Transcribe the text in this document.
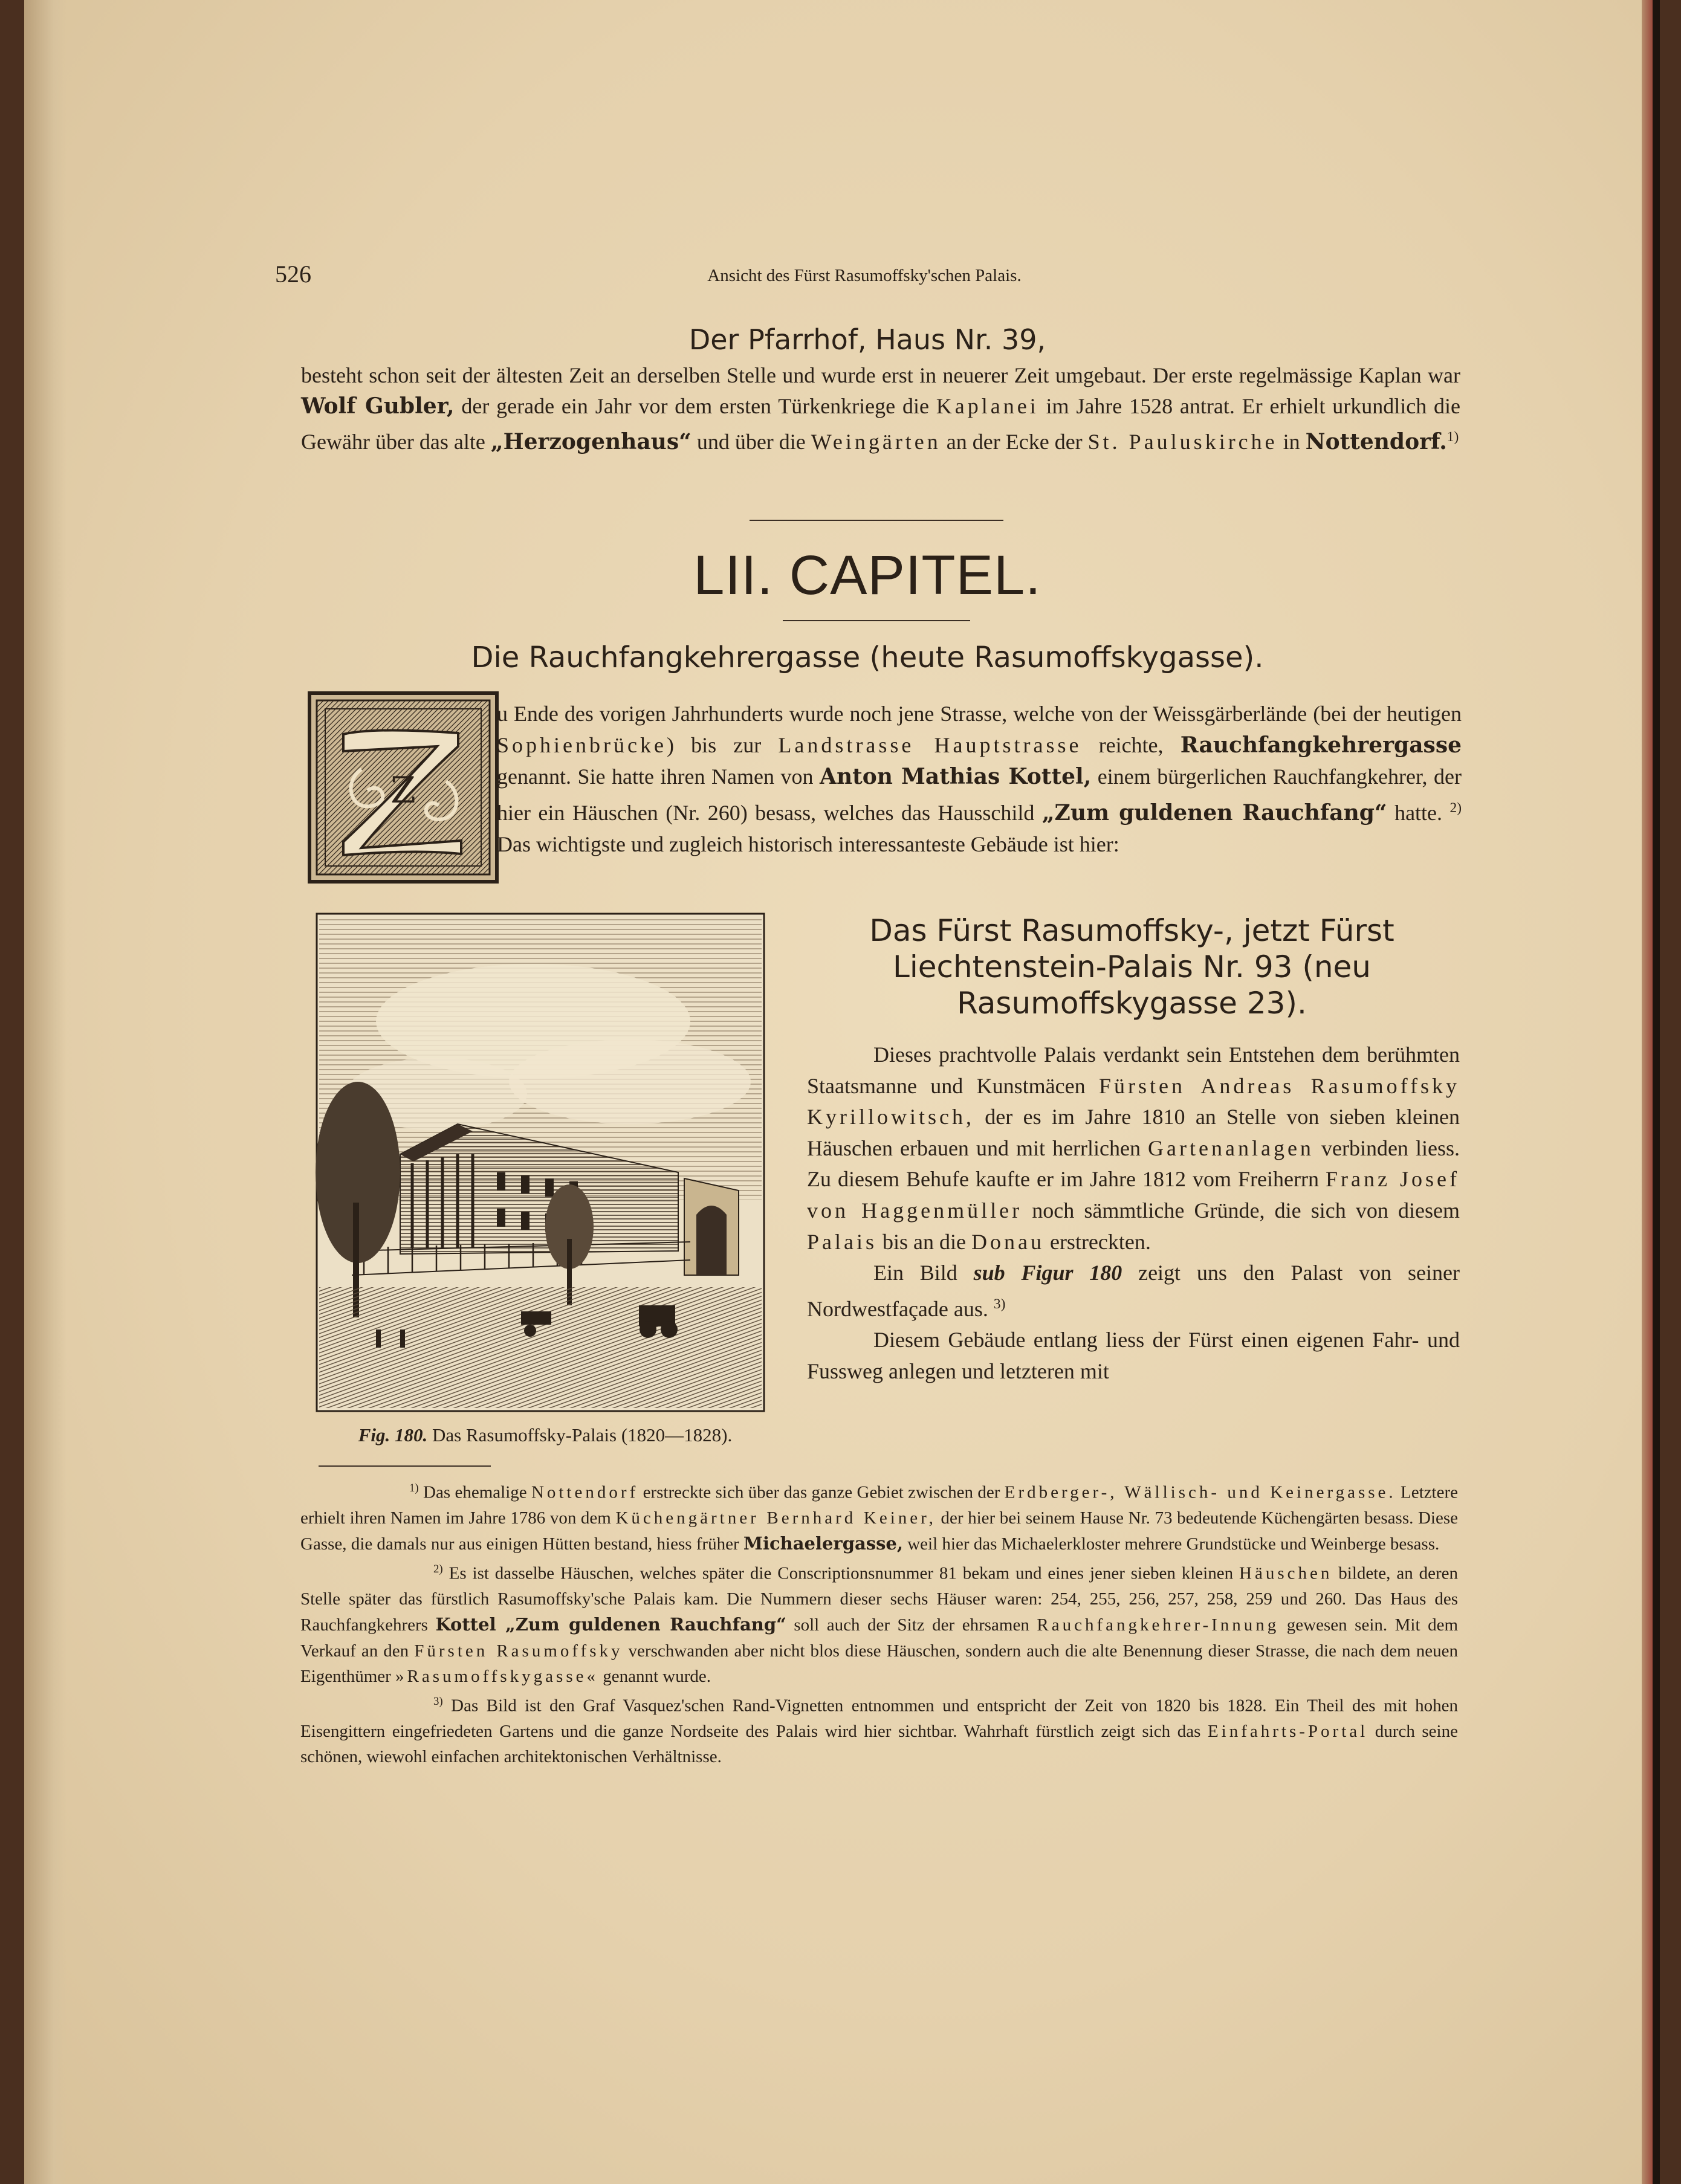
526	Ansicht des Fürst Rasumoffsky'schen Palais.
Der Pfarrhof, Haus Nr. 39,

besteht schon seit der ältesten Zeit an derselben Stelle und wurde erst in neuerer Zeit umgebaut. Der erste regelmässige Kaplan war Wolf Gubler, der gerade ein Jahr vor dem ersten Türkenkriege die Kaplanei im Jahre 1528 antrat. Er erhielt urkundlich die Gewähr über das alte „Herzogenhaus“ und über die Weingärten an der Ecke der St. Pauluskirche in Nottendorf.$^{1)}$

LII. CAPITEL.
Die Rauchfangkehrergasse (heute Rasumoffskygasse).
Z

u Ende des vorigen Jahrhunderts wurde noch jene Strasse, welche von der Weissgärberlände (bei der heutigen Sophienbrücke) bis zur Landstrasse Hauptstrasse reichte, Rauchfangkehrergasse genannt. Sie hatte ihren Namen von Anton Mathias Kottel, einem bürgerlichen Rauchfangkehrer, der hier ein Häuschen (Nr. 260) besass, welches das Hausschild „Zum guldenen Rauchfang“ hatte. $^{2)}$ Das wichtigste und zugleich historisch interessanteste Gebäude ist hier:

Fig. 180. Das Rasumoffsky-Palais (1820—1828).
Das Fürst Rasumoffsky-, jetzt Fürst Liechtenstein-Palais Nr. 93 (neu Rasumoffskygasse 23).

Dieses prachtvolle Palais verdankt sein Entstehen dem berühmten Staatsmanne und Kunstmäcen Fürsten Andreas Rasumoffsky Kyrillowitsch, der es im Jahre 1810 an Stelle von sieben kleinen Häuschen erbauen und mit herrlichen Gartenanlagen verbinden liess. Zu diesem Behufe kaufte er im Jahre 1812 vom Freiherrn Franz Josef von Haggenmüller noch sämmtliche Gründe, die sich von diesem Palais bis an die Donau erstreckten.

Ein Bild sub Figur 180 zeigt uns den Palast von seiner Nordwestfaçade aus. $^{3)}$

Diesem Gebäude entlang liess der Fürst einen eigenen Fahr- und Fussweg anlegen und letzteren mit

$^{1)}$ Das ehemalige Nottendorf erstreckte sich über das ganze Gebiet zwischen der Erdberger-, Wällisch- und Keinergasse. Letztere erhielt ihren Namen im Jahre 1786 von dem Küchengärtner Bernhard Keiner, der hier bei seinem Hause Nr. 73 bedeutende Küchengärten besass. Diese Gasse, die damals nur aus einigen Hütten bestand, hiess früher Michaelergasse, weil hier das Michaelerkloster mehrere Grundstücke und Weinberge besass.

$^{2)}$ Es ist dasselbe Häuschen, welches später die Conscriptionsnummer 81 bekam und eines jener sieben kleinen Häuschen bildete, an deren Stelle später das fürstlich Rasumoffsky'sche Palais kam. Die Nummern dieser sechs Häuser waren: 254, 255, 256, 257, 258, 259 und 260. Das Haus des Rauchfangkehrers Kottel „Zum guldenen Rauchfang“ soll auch der Sitz der ehrsamen Rauchfangkehrer-Innung gewesen sein. Mit dem Verkauf an den Fürsten Rasumoffsky verschwanden aber nicht blos diese Häuschen, sondern auch die alte Benennung dieser Strasse, die nach dem neuen Eigenthümer »Rasumoffskygasse« genannt wurde.

$^{3)}$ Das Bild ist den Graf Vasquez'schen Rand-Vignetten entnommen und entspricht der Zeit von 1820 bis 1828. Ein Theil des mit hohen Eisengittern eingefriedeten Gartens und die ganze Nordseite des Palais wird hier sichtbar. Wahrhaft fürstlich zeigt sich das Einfahrts-Portal durch seine schönen, wiewohl einfachen architektonischen Verhältnisse.
